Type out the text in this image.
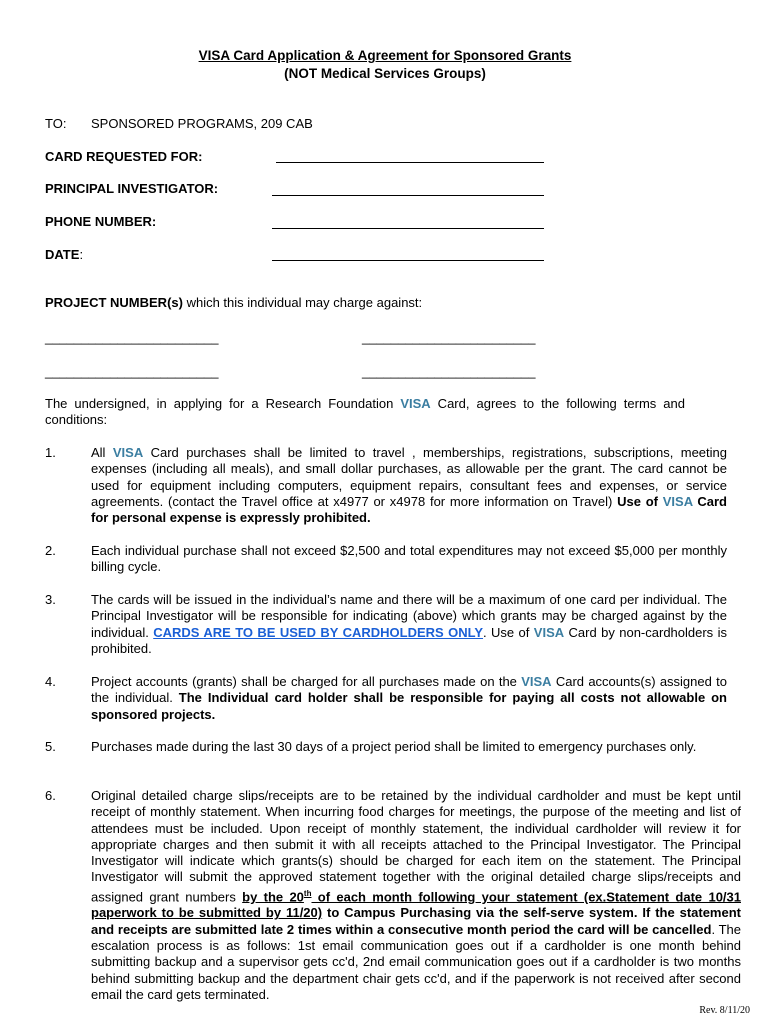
VISA Card Application & Agreement for Sponsored Grants
(NOT Medical Services Groups)
TO: SPONSORED PROGRAMS, 209 CAB
CARD REQUESTED FOR:
PRINCIPAL INVESTIGATOR:
PHONE NUMBER:
DATE:
PROJECT NUMBER(s) which this individual may charge against:
________________________	________________________
________________________	________________________
The undersigned, in applying for a Research Foundation VISA Card, agrees to the following terms and conditions:
1.	All VISA Card purchases shall be limited to travel , memberships, registrations, subscriptions, meeting expenses (including all meals), and small dollar purchases, as allowable per the grant. The card cannot be used for equipment including computers, equipment repairs, consultant fees and expenses, or service agreements. (contact the Travel office at x4977 or x4978 for more information on Travel) Use of VISA Card for personal expense is expressly prohibited.
2.	Each individual purchase shall not exceed $2,500 and total expenditures may not exceed $5,000 per monthly billing cycle.
3.	The cards will be issued in the individual’s name and there will be a maximum of one card per individual. The Principal Investigator will be responsible for indicating (above) which grants may be charged against by the individual. CARDS ARE TO BE USED BY CARDHOLDERS ONLY. Use of VISA Card by non-cardholders is prohibited.
4.	Project accounts (grants) shall be charged for all purchases made on the VISA Card accounts(s) assigned to the individual. The Individual card holder shall be responsible for paying all costs not allowable on sponsored projects.
5.	Purchases made during the last 30 days of a project period shall be limited to emergency purchases only.
6.	Original detailed charge slips/receipts are to be retained by the individual cardholder and must be kept until receipt of monthly statement. When incurring food charges for meetings, the purpose of the meeting and list of attendees must be included. Upon receipt of monthly statement, the individual cardholder will review it for appropriate charges and then submit it with all receipts attached to the Principal Investigator. The Principal Investigator will indicate which grants(s) should be charged for each item on the statement. The Principal Investigator will submit the approved statement together with the original detailed charge slips/receipts and assigned grant numbers by the 20th of each month following your statement (ex.Statement date 10/31 paperwork to be submitted by 11/20) to Campus Purchasing via the self-serve system. If the statement and receipts are submitted late 2 times within a consecutive month period the card will be cancelled. The escalation process is as follows: 1st email communication goes out if a cardholder is one month behind submitting backup and a supervisor gets cc'd, 2nd email communication goes out if a cardholder is two months behind submitting backup and the department chair gets cc'd, and if the paperwork is not received after second email the card gets terminated.
Rev. 8/11/20
